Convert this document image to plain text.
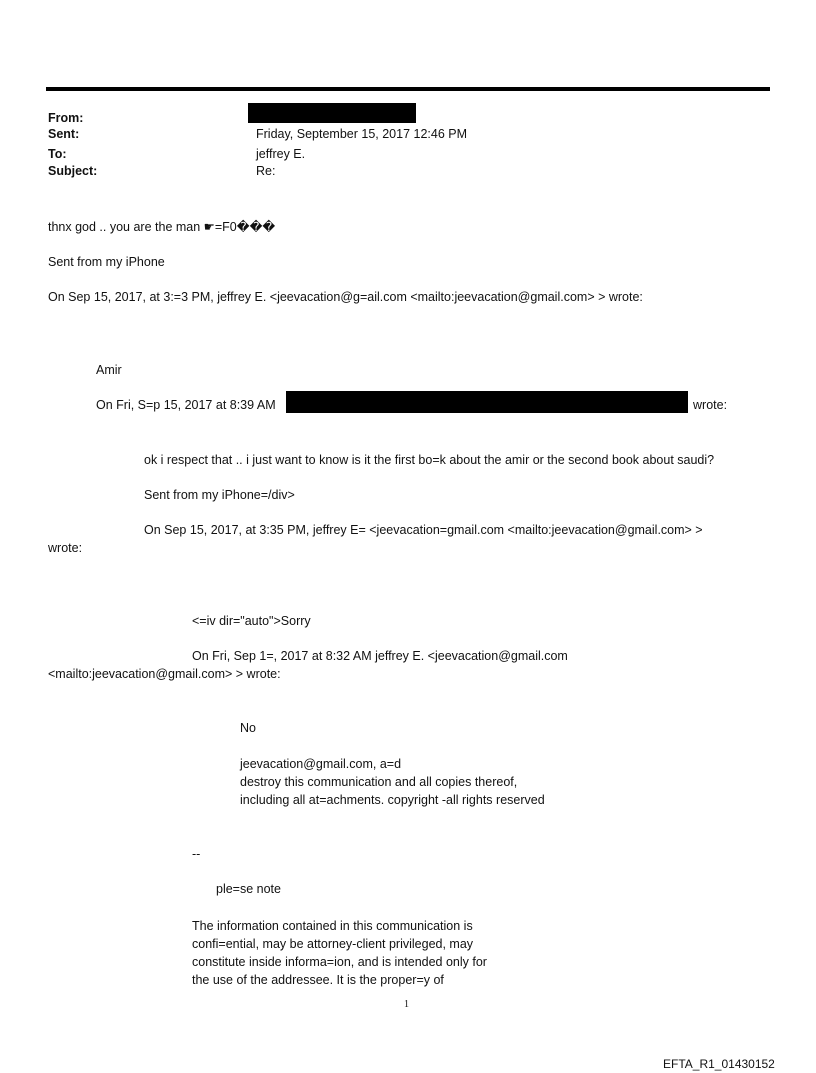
From:
Sent:	Friday, September 15, 2017 12:46 PM
To:	jeffrey E.
Subject:	Re:
thnx god .. you are the man ☛=F0���
Sent from my iPhone
On Sep 15, 2017, at 3:=3 PM, jeffrey E. <jeevacation@g=ail.com <mailto:jeevacation@gmail.com> > wrote:
Amir
On Fri, S=p 15, 2017 at 8:39 AM	wrote:
ok i respect that .. i just want to know is it the first bo=k about the amir or the second book about saudi?
Sent from my iPhone=/div>
On Sep 15, 2017, at 3:35 PM, jeffrey E= <jeevacation=gmail.com <mailto:jeevacation@gmail.com> >
wrote:
<=iv dir="auto">Sorry
On Fri, Sep 1=, 2017 at 8:32 AM jeffrey E. <jeevacation@gmail.com
<mailto:jeevacation@gmail.com> > wrote:
No
jeevacation@gmail.com, a=d
destroy this communication and all copies thereof,
including all at=achments. copyright -all rights reserved
--
ple=se note
The information contained in this communication is
confi=ential, may be attorney-client privileged, may
constitute inside informa=ion, and is intended only for
the use of the addressee. It is the proper=y of
1
EFTA_R1_01430152
